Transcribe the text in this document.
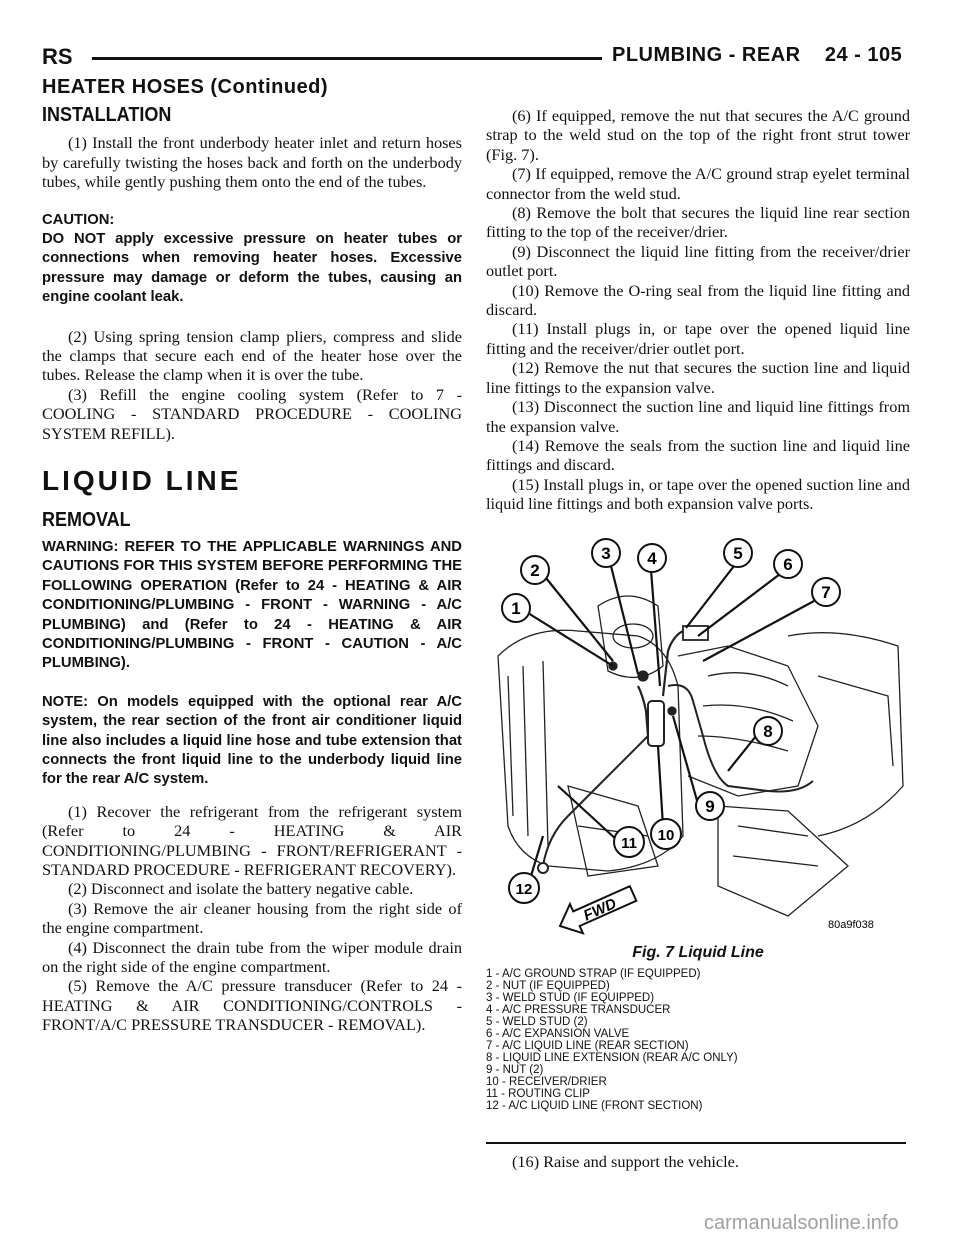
RS	PLUMBING - REAR    24 - 105
HEATER HOSES (Continued)
INSTALLATION

(1) Install the front underbody heater inlet and return hoses by carefully twisting the hoses back and forth on the underbody tubes, while gently pushing them onto the end of the tubes.

CAUTION:

DO NOT apply excessive pressure on heater tubes or connections when removing heater hoses. Excessive pressure may damage or deform the tubes, causing an engine coolant leak.

(2) Using spring tension clamp pliers, compress and slide the clamps that secure each end of the heater hose over the tubes. Release the clamp when it is over the tube.

(3) Refill the engine cooling system (Refer to 7 - COOLING - STANDARD PROCEDURE - COOLING SYSTEM REFILL).

LIQUID LINE
REMOVAL

WARNING: REFER TO THE APPLICABLE WARNINGS AND CAUTIONS FOR THIS SYSTEM BEFORE PERFORMING THE FOLLOWING OPERATION (Refer to 24 - HEATING & AIR CONDITIONING/PLUMBING - FRONT - WARNING - A/C PLUMBING) and (Refer to 24 - HEATING & AIR CONDITIONING/PLUMBING - FRONT - CAUTION - A/C PLUMBING).

NOTE: On models equipped with the optional rear A/C system, the rear section of the front air conditioner liquid line also includes a liquid line hose and tube extension that connects the front liquid line to the underbody liquid line for the rear A/C system.

(1) Recover the refrigerant from the refrigerant system (Refer to 24 - HEATING & AIR CONDITIONING/PLUMBING - FRONT/REFRIGERANT - STANDARD PROCEDURE - REFRIGERANT RECOVERY).

(2) Disconnect and isolate the battery negative cable.

(3) Remove the air cleaner housing from the right side of the engine compartment.

(4) Disconnect the drain tube from the wiper module drain on the right side of the engine compartment.

(5) Remove the A/C pressure transducer (Refer to 24 - HEATING & AIR CONDITIONING/CONTROLS - FRONT/A/C PRESSURE TRANSDUCER - REMOVAL).

(6) If equipped, remove the nut that secures the A/C ground strap to the weld stud on the top of the right front strut tower (Fig. 7).

(7) If equipped, remove the A/C ground strap eyelet terminal connector from the weld stud.

(8) Remove the bolt that secures the liquid line rear section fitting to the top of the receiver/drier.

(9) Disconnect the liquid line fitting from the receiver/drier outlet port.

(10) Remove the O-ring seal from the liquid line fitting and discard.

(11) Install plugs in, or tape over the opened liquid line fitting and the receiver/drier outlet port.

(12) Remove the nut that secures the suction line and liquid line fittings to the expansion valve.

(13) Disconnect the suction line and liquid line fittings from the expansion valve.

(14) Remove the seals from the suction line and liquid line fittings and discard.

(15) Install plugs in, or tape over the opened suction line and liquid line fittings and both expansion valve ports.

1
2
3 4	5
6
7
8
9
10
11
12
FWD
80a9f038
Fig. 7 Liquid Line
1 - A/C GROUND STRAP (IF EQUIPPED)
2 - NUT (IF EQUIPPED)
3 - WELD STUD (IF EQUIPPED)
4 - A/C PRESSURE TRANSDUCER
5 - WELD STUD (2)
6 - A/C EXPANSION VALVE
7 - A/C LIQUID LINE (REAR SECTION)
8 - LIQUID LINE EXTENSION (REAR A/C ONLY)
9 - NUT (2)
10 - RECEIVER/DRIER
11 - ROUTING CLIP
12 - A/C LIQUID LINE (FRONT SECTION)

(16) Raise and support the vehicle.

carmanualsonline.info
